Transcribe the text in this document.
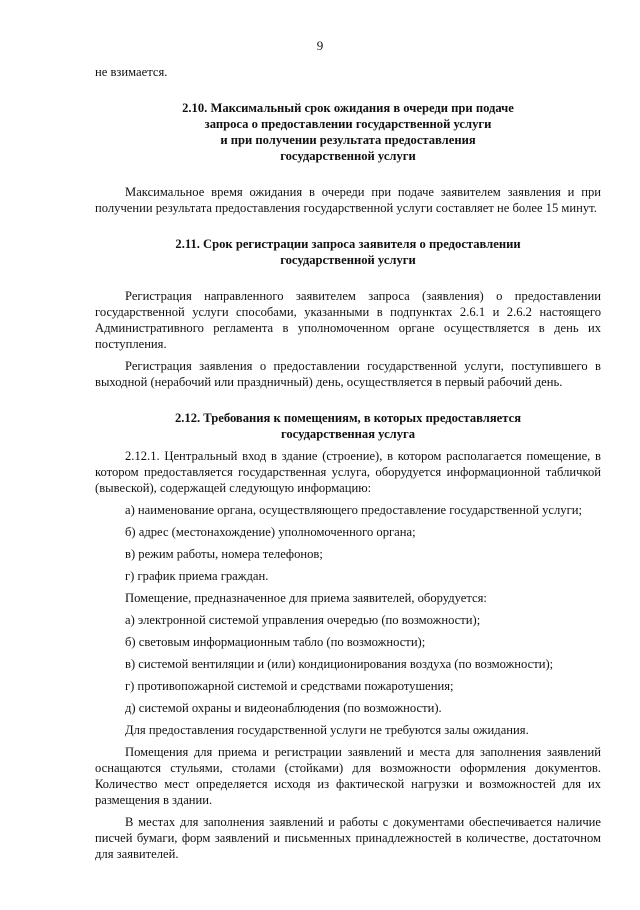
9

не взимается.

2.10. Максимальный срок ожидания в очереди при подаче
запроса о предоставлении государственной услуги
и при получении результата предоставления
государственной услуги

Максимальное время ожидания в очереди при подаче заявителем заявления и при получении результата предоставления государственной услуги составляет не более 15 минут.

2.11. Срок регистрации запроса заявителя о предоставлении
государственной услуги

Регистрация направленного заявителем запроса (заявления) о предоставлении государственной услуги способами, указанными в подпунктах 2.6.1 и 2.6.2 настоящего Административного регламента в уполномоченном органе осуществляется в день их поступления.

Регистрация заявления о предоставлении государственной услуги, поступившего в выходной (нерабочий или праздничный) день, осуществляется в первый рабочий день.

2.12. Требования к помещениям, в которых предоставляется
государственная услуга

2.12.1. Центральный вход в здание (строение), в котором располагается помещение, в котором предоставляется государственная услуга, оборудуется информационной табличкой (вывеской), содержащей следующую информацию:

а) наименование органа, осуществляющего предоставление государственной услуги;

б) адрес (местонахождение) уполномоченного органа;

в) режим работы, номера телефонов;

г) график приема граждан.

Помещение, предназначенное для приема заявителей, оборудуется:

а) электронной системой управления очередью (по возможности);

б) световым информационным табло (по возможности);

в) системой вентиляции и (или) кондиционирования воздуха (по возможности);

г) противопожарной системой и средствами пожаротушения;

д) системой охраны и видеонаблюдения (по возможности).

Для предоставления государственной услуги не требуются залы ожидания.

Помещения для приема и регистрации заявлений и места для заполнения заявлений оснащаются стульями, столами (стойками) для возможности оформления документов. Количество мест определяется исходя из фактической нагрузки и возможностей для их размещения в здании.

В местах для заполнения заявлений и работы с документами обеспечивается наличие писчей бумаги, форм заявлений и письменных принадлежностей в количестве, достаточном для заявителей.
